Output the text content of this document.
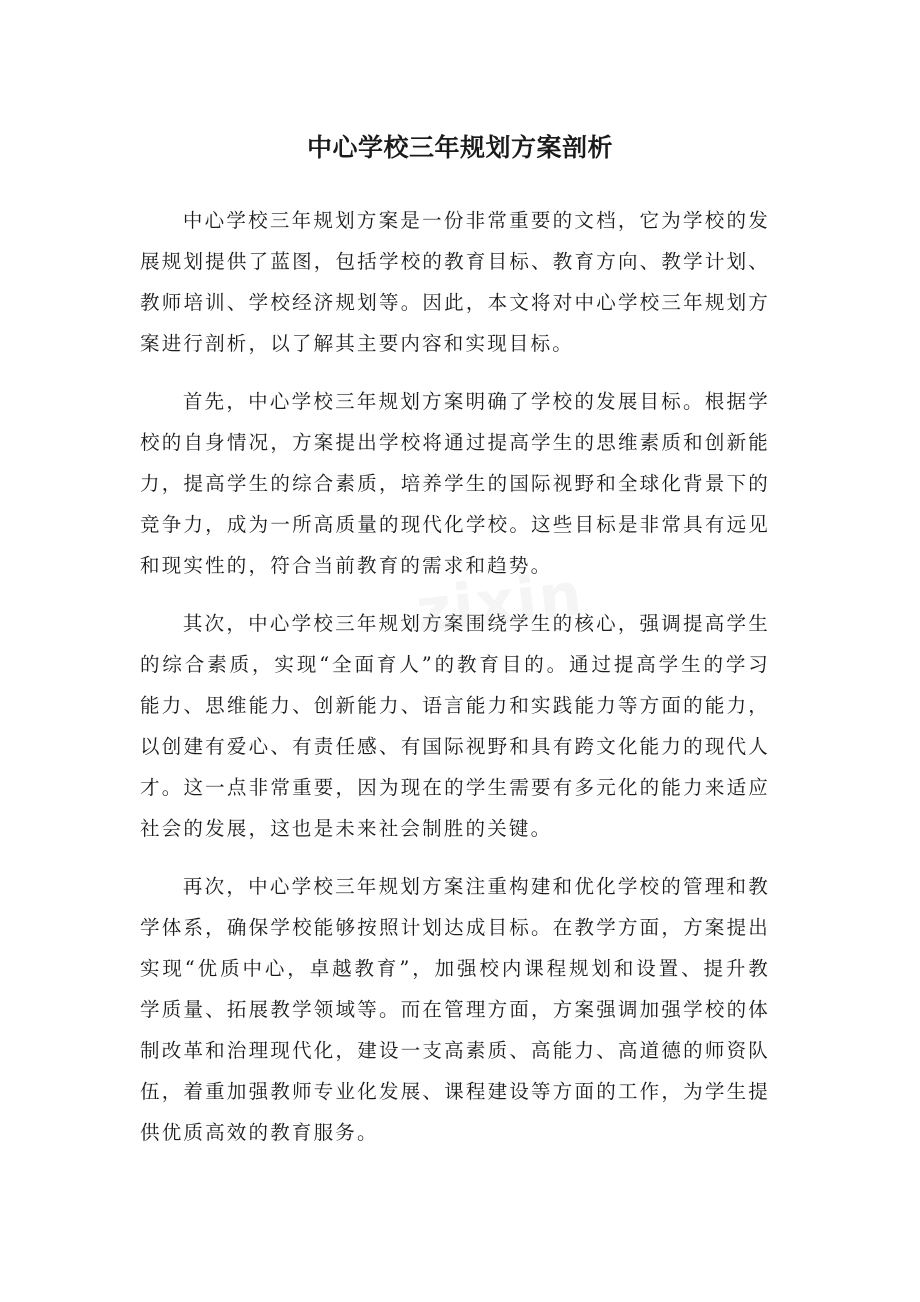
中心学校三年规划方案剖析

中心学校三年规划方案是一份非常重要的文档，它为学校的发展规划提供了蓝图，包括学校的教育目标、教育方向、教学计划、教师培训、学校经济规划等。因此，本文将对中心学校三年规划方案进行剖析，以了解其主要内容和实现目标。

首先，中心学校三年规划方案明确了学校的发展目标。根据学校的自身情况，方案提出学校将通过提高学生的思维素质和创新能力，提高学生的综合素质，培养学生的国际视野和全球化背景下的竞争力，成为一所高质量的现代化学校。这些目标是非常具有远见和现实性的，符合当前教育的需求和趋势。

其次，中心学校三年规划方案围绕学生的核心，强调提高学生的综合素质，实现“全面育人”的教育目的。通过提高学生的学习能力、思维能力、创新能力、语言能力和实践能力等方面的能力，以创建有爱心、有责任感、有国际视野和具有跨文化能力的现代人才。这一点非常重要，因为现在的学生需要有多元化的能力来适应社会的发展，这也是未来社会制胜的关键。

再次，中心学校三年规划方案注重构建和优化学校的管理和教学体系，确保学校能够按照计划达成目标。在教学方面，方案提出实现“优质中心，卓越教育”，加强校内课程规划和设置、提升教学质量、拓展教学领域等。而在管理方面，方案强调加强学校的体制改革和治理现代化，建设一支高素质、高能力、高道德的师资队伍，着重加强教师专业化发展、课程建设等方面的工作，为学生提供优质高效的教育服务。

zixin
